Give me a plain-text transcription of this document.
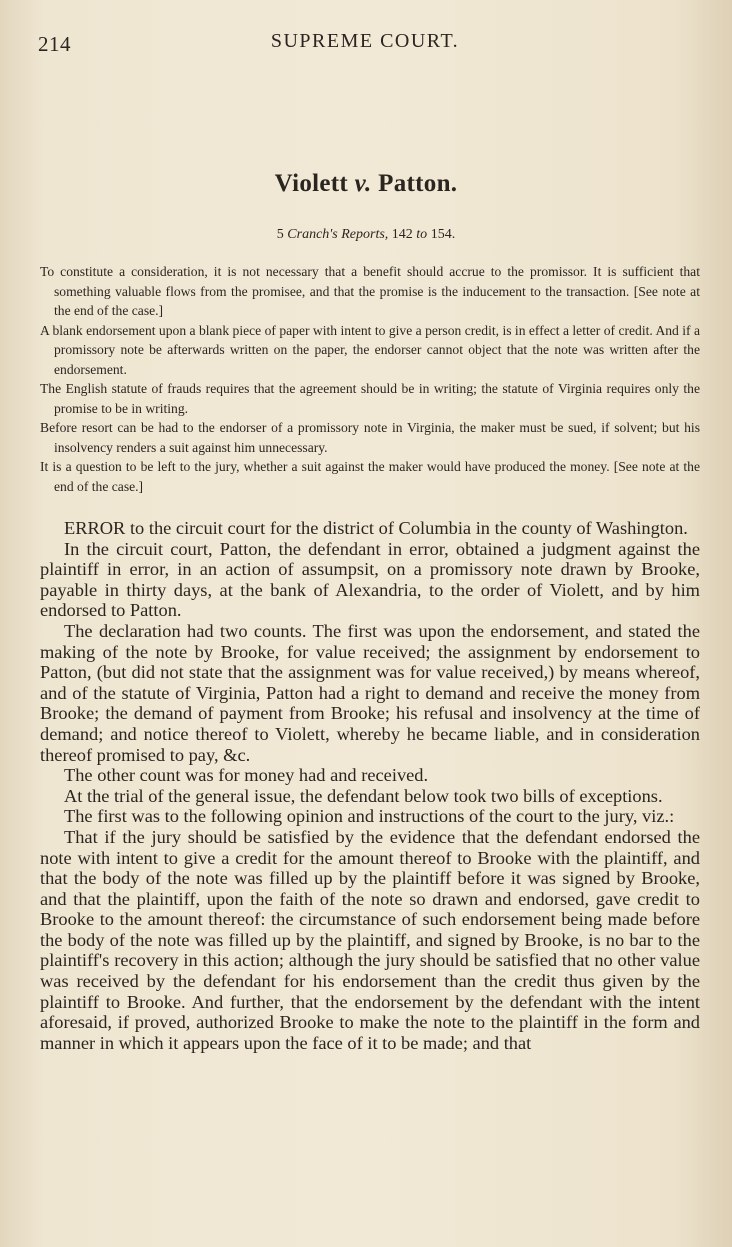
214	SUPREME COURT.
Violett v. Patton.
5 Cranch's Reports, 142 to 154.

To constitute a consideration, it is not necessary that a benefit should accrue to the promissor. It is sufficient that something valuable flows from the promisee, and that the promise is the inducement to the transaction. [See note at the end of the case.]

A blank endorsement upon a blank piece of paper with intent to give a person credit, is in effect a letter of credit. And if a promissory note be afterwards written on the paper, the endorser cannot object that the note was written after the endorsement.

The English statute of frauds requires that the agreement should be in writing; the statute of Virginia requires only the promise to be in writing.

Before resort can be had to the endorser of a promissory note in Virginia, the maker must be sued, if solvent; but his insolvency renders a suit against him unnecessary.

It is a question to be left to the jury, whether a suit against the maker would have produced the money. [See note at the end of the case.]

ERROR to the circuit court for the district of Columbia in the county of Washington.

In the circuit court, Patton, the defendant in error, obtained a judgment against the plaintiff in error, in an action of assumpsit, on a promissory note drawn by Brooke, payable in thirty days, at the bank of Alexandria, to the order of Violett, and by him endorsed to Patton.

The declaration had two counts. The first was upon the endorsement, and stated the making of the note by Brooke, for value received; the assignment by endorsement to Patton, (but did not state that the assignment was for value received,) by means whereof, and of the statute of Virginia, Patton had a right to demand and receive the money from Brooke; the demand of payment from Brooke; his refusal and insolvency at the time of demand; and notice thereof to Violett, whereby he became liable, and in consideration thereof promised to pay, &c.

The other count was for money had and received.

At the trial of the general issue, the defendant below took two bills of exceptions.

The first was to the following opinion and instructions of the court to the jury, viz.:

That if the jury should be satisfied by the evidence that the defendant endorsed the note with intent to give a credit for the amount thereof to Brooke with the plaintiff, and that the body of the note was filled up by the plaintiff before it was signed by Brooke, and that the plaintiff, upon the faith of the note so drawn and endorsed, gave credit to Brooke to the amount thereof: the circumstance of such endorsement being made before the body of the note was filled up by the plaintiff, and signed by Brooke, is no bar to the plaintiff's recovery in this action; although the jury should be satisfied that no other value was received by the defendant for his endorsement than the credit thus given by the plaintiff to Brooke. And further, that the endorsement by the defendant with the intent aforesaid, if proved, authorized Brooke to make the note to the plaintiff in the form and manner in which it appears upon the face of it to be made; and that
